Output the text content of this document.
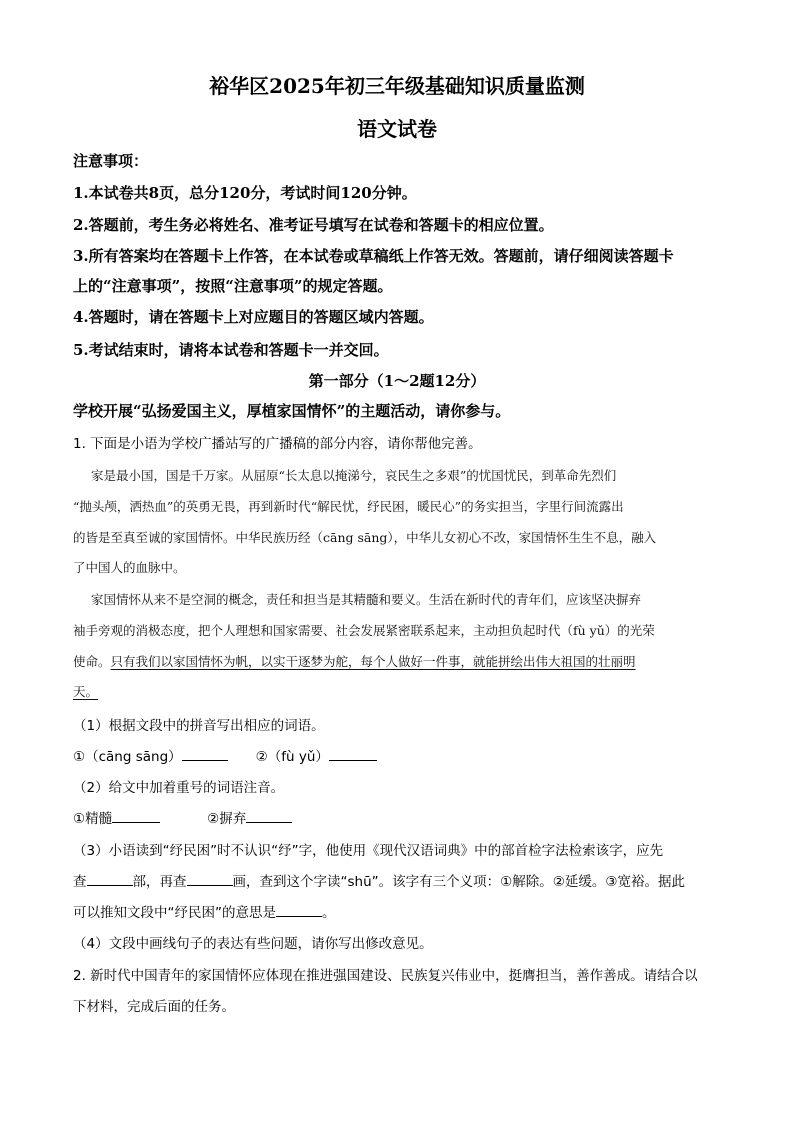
裕华区2025年初三年级基础知识质量监测
语文试卷
注意事项：
1.本试卷共8页，总分120分，考试时间120分钟。
2.答题前，考生务必将姓名、准考证号填写在试卷和答题卡的相应位置。
3.所有答案均在答题卡上作答，在本试卷或草稿纸上作答无效。答题前，请仔细阅读答题卡
上的“注意事项”，按照“注意事项”的规定答题。
4.答题时，请在答题卡上对应题目的答题区域内答题。
5.考试结束时，请将本试卷和答题卡一并交回。
第一部分（1～2题12分）
学校开展“弘扬爱国主义，厚植家国情怀”的主题活动，请你参与。
1. 下面是小语为学校广播站写的广播稿的部分内容，请你帮他完善。
家是最小国，国是千万家。从屈原“长太息以掩涕兮，哀民生之多艰”的忧国忧民，到革命先烈们
“抛头颅，洒热血”的英勇无畏，再到新时代“解民忧，纾民困，暖民心”的务实担当，字里行间流露出
的皆是至真至诚的家国情怀。中华民族历经（cāng sāng），中华儿女初心不改，家国情怀生生不息，融入
了中国人的血脉中。
家国情怀从来不是空洞的概念，责任和担当是其精髓和要义。生活在新时代的青年们，应该坚决摒弃
袖手旁观的消极态度，把个人理想和国家需要、社会发展紧密联系起来，主动担负起时代（fù yǔ）的光荣
使命。只有我们以家国情怀为帆，以实干逐梦为舵，每个人做好一件事，就能拼绘出伟大祖国的壮丽明
天。
（1）根据文段中的拼音写出相应的词语。
①（cāng sāng）	②（fù yǔ）
（2）给文中加着重号的词语注音。
①精髓	②摒弃
（3）小语读到“纾民困”时不认识“纾”字，他使用《现代汉语词典》中的部首检字法检索该字，应先
查	部，再查	画，查到这个字读“shū”。该字有三个义项：①解除。②延缓。③宽裕。据此
可以推知文段中“纾民困”的意思是	。
（4）文段中画线句子的表达有些问题，请你写出修改意见。
2. 新时代中国青年的家国情怀应体现在推进强国建设、民族复兴伟业中，挺膺担当，善作善成。请结合以
下材料，完成后面的任务。
